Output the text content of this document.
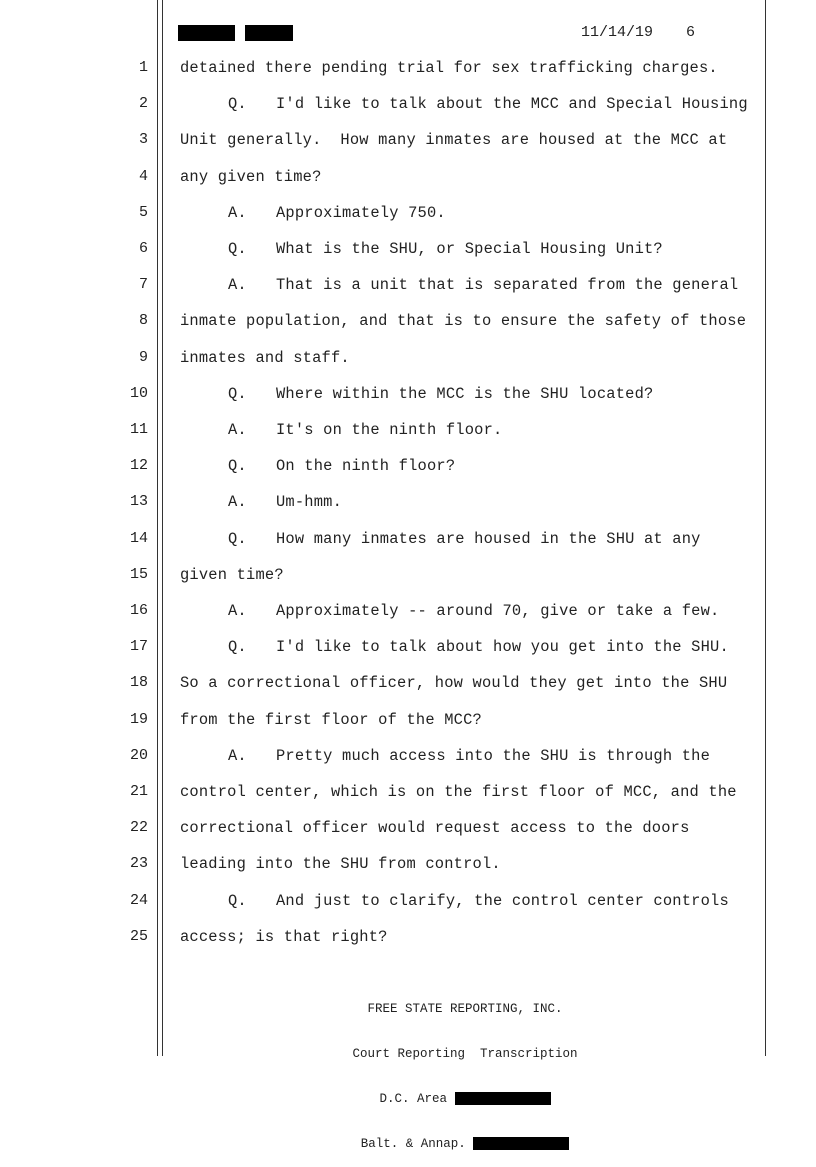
11/14/19 6
1 detained there pending trial for sex trafficking charges.
2	Q. I'd like to talk about the MCC and Special Housing
3 Unit generally.  How many inmates are housed at the MCC at
4 any given time?
5	A. Approximately 750.
6	Q. What is the SHU, or Special Housing Unit?
7	A. That is a unit that is separated from the general
8 inmate population, and that is to ensure the safety of those
9 inmates and staff.
10	Q. Where within the MCC is the SHU located?
11	A. It's on the ninth floor.
12	Q. On the ninth floor?
13	A. Um-hmm.
14	Q. How many inmates are housed in the SHU at any
15 given time?
16	A. Approximately -- around 70, give or take a few.
17	Q. I'd like to talk about how you get into the SHU.
18 So a correctional officer, how would they get into the SHU
19 from the first floor of the MCC?
20	A. Pretty much access into the SHU is through the
21 control center, which is on the first floor of MCC, and the
22 correctional officer would request access to the doors
23 leading into the SHU from control.
24	Q. And just to clarify, the control center controls
25 access; is that right?

FREE STATE REPORTING, INC.

Court Reporting  Transcription

D.C. Area

Balt. & Annap.
